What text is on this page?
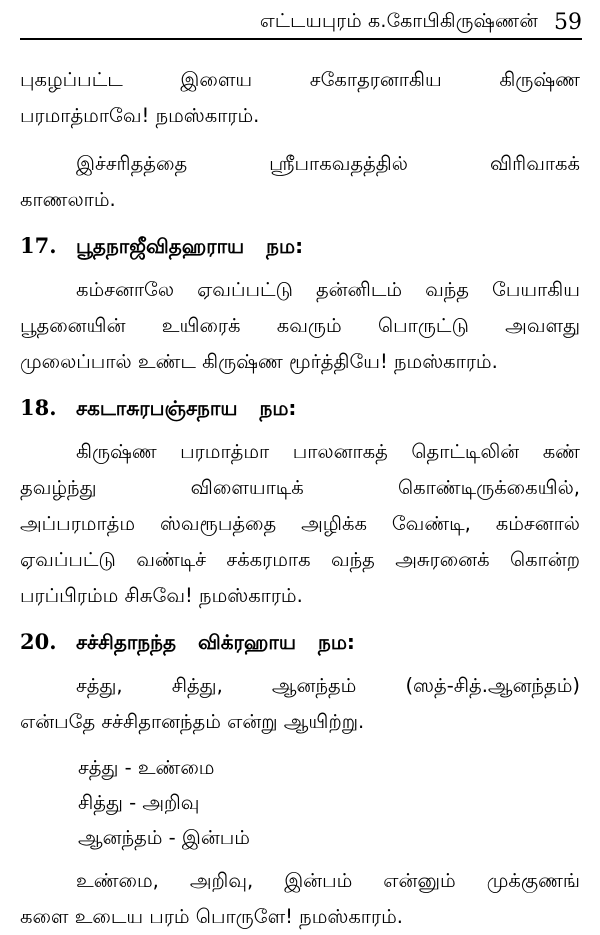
எட்டயபுரம் க.கோபிகிருஷ்ணன் 59

புகழப்பட்ட இளைய சகோதரனாகிய கிருஷ்ண
பரமாத்மாவே! நமஸ்காரம்.

இச்சரிதத்தை ஸ்ரீபாகவதத்தில் விரிவாகக்
காணலாம்.

17. பூதநாஜீவிதஹராய நம:

கம்சனாலே ஏவப்பட்டு தன்னிடம் வந்த பேயாகிய
பூதனையின் உயிரைக் கவரும் பொருட்டு அவளது
முலைப்பால் உண்ட கிருஷ்ண மூர்த்தியே! நமஸ்காரம்.

18. சகடாசுரபஞ்சநாய நம:

கிருஷ்ண பரமாத்மா பாலனாகத் தொட்டிலின் கண்
தவழ்ந்து விளையாடிக் கொண்டிருக்கையில்,
அப்பரமாத்ம ஸ்வரூபத்தை அழிக்க வேண்டி, கம்சனால்
ஏவப்பட்டு வண்டிச் சக்கரமாக வந்த அசுரனைக் கொன்ற
பரப்பிரம்ம சிசுவே! நமஸ்காரம்.

20. சச்சிதாநந்த விக்ரஹாய நம:

சத்து, சித்து, ஆனந்தம் (ஸத்-சித்.ஆனந்தம்)
என்பதே சச்சிதானந்தம் என்று ஆயிற்று.

சத்து - உண்மை
சித்து - அறிவு
ஆனந்தம் - இன்பம்

உண்மை, அறிவு, இன்பம் என்னும் முக்குணங்
களை உடைய பரம் பொருளே! நமஸ்காரம்.
